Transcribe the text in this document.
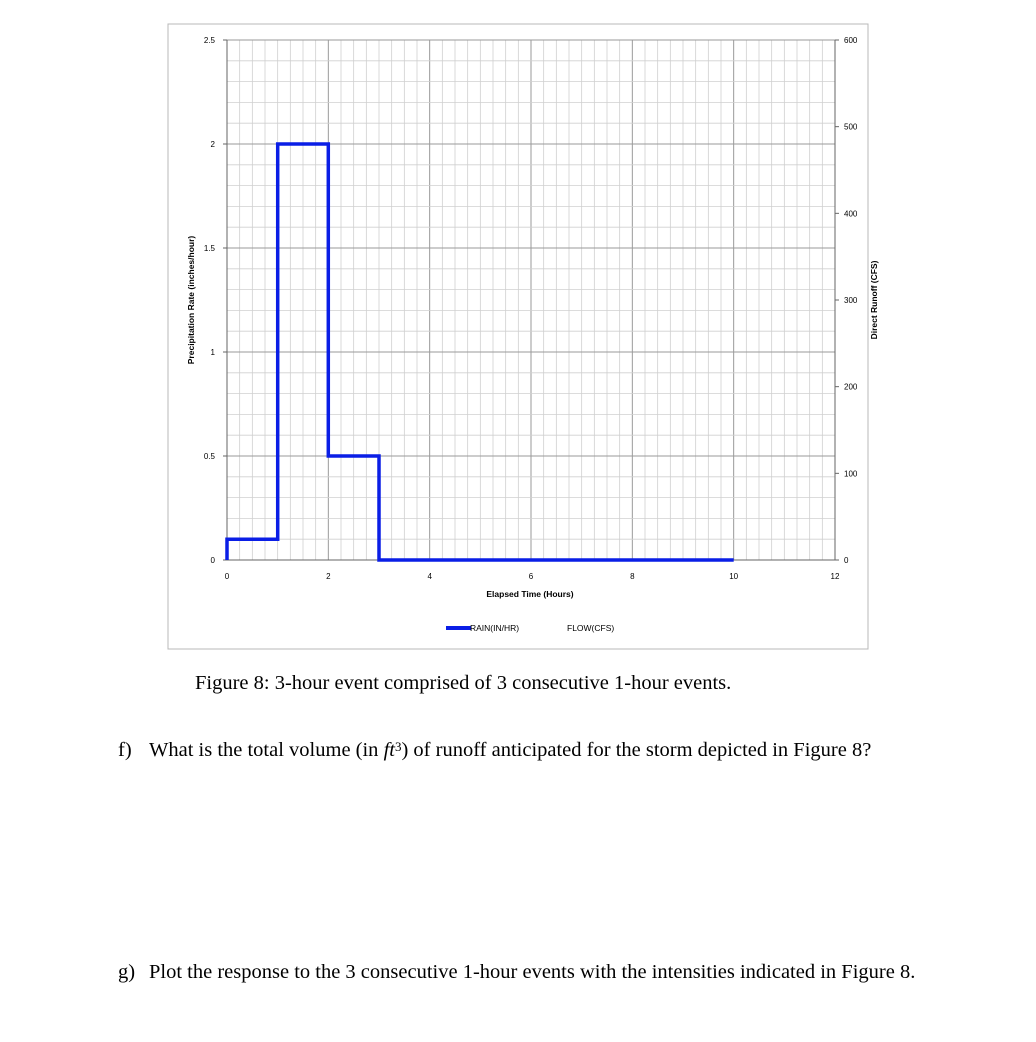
0	2	4	6	8	10	12
0
0.5
1
1.5
2
2.5
0
100
200
300
400
500
600
Elapsed Time (Hours)
Precipitation Rate (inches/hour)	Direct Runoff (CFS)
RAIN(IN/HR)	FLOW(CFS)
Figure 8: 3-hour event comprised of 3 consecutive 1-hour events.
f) What is the total volume (in $ft^3$) of runoff anticipated for the storm depicted in Figure 8?
g) Plot the response to the 3 consecutive 1-hour events with the intensities indicated in Figure 8.
